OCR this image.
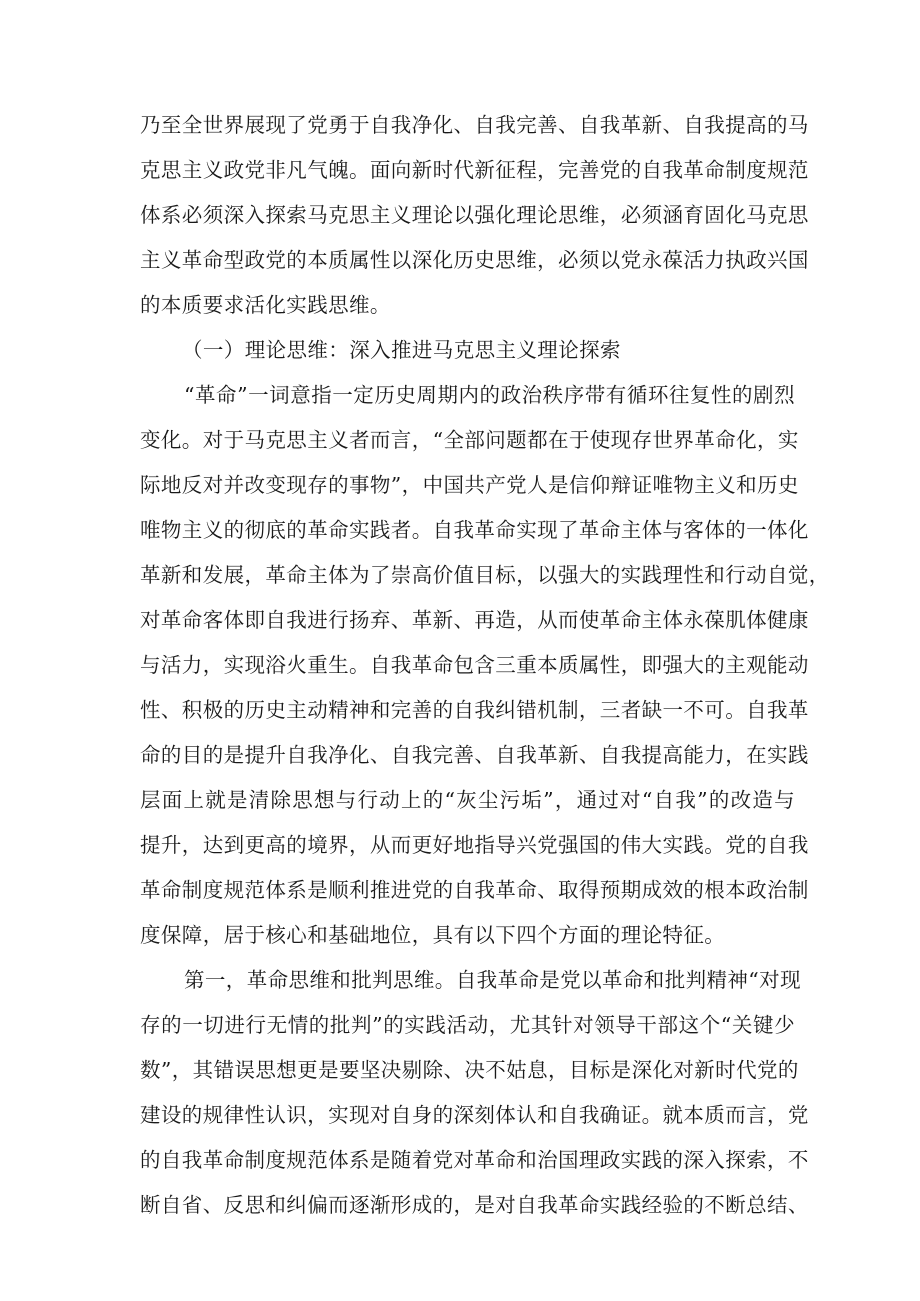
乃至全世界展现了党勇于自我净化、自我完善、自我革新、自我提高的马
克思主义政党非凡气魄。面向新时代新征程，完善党的自我革命制度规范
体系必须深入探索马克思主义理论以强化理论思维，必须涵育固化马克思
主义革命型政党的本质属性以深化历史思维，必须以党永葆活力执政兴国
的本质要求活化实践思维。
（一）理论思维：深入推进马克思主义理论探索
“革命”一词意指一定历史周期内的政治秩序带有循环往复性的剧烈
变化。对于马克思主义者而言，“全部问题都在于使现存世界革命化，实
际地反对并改变现存的事物”，中国共产党人是信仰辩证唯物主义和历史
唯物主义的彻底的革命实践者。自我革命实现了革命主体与客体的一体化
革新和发展，革命主体为了崇高价值目标，以强大的实践理性和行动自觉，
对革命客体即自我进行扬弃、革新、再造，从而使革命主体永葆肌体健康
与活力，实现浴火重生。自我革命包含三重本质属性，即强大的主观能动
性、积极的历史主动精神和完善的自我纠错机制，三者缺一不可。自我革
命的目的是提升自我净化、自我完善、自我革新、自我提高能力，在实践
层面上就是清除思想与行动上的“灰尘污垢”，通过对“自我”的改造与
提升，达到更高的境界，从而更好地指导兴党强国的伟大实践。党的自我
革命制度规范体系是顺利推进党的自我革命、取得预期成效的根本政治制
度保障，居于核心和基础地位，具有以下四个方面的理论特征。
第一，革命思维和批判思维。自我革命是党以革命和批判精神“对现
存的一切进行无情的批判”的实践活动，尤其针对领导干部这个“关键少
数”，其错误思想更是要坚决剔除、决不姑息，目标是深化对新时代党的
建设的规律性认识，实现对自身的深刻体认和自我确证。就本质而言，党
的自我革命制度规范体系是随着党对革命和治国理政实践的深入探索，不
断自省、反思和纠偏而逐渐形成的，是对自我革命实践经验的不断总结、
